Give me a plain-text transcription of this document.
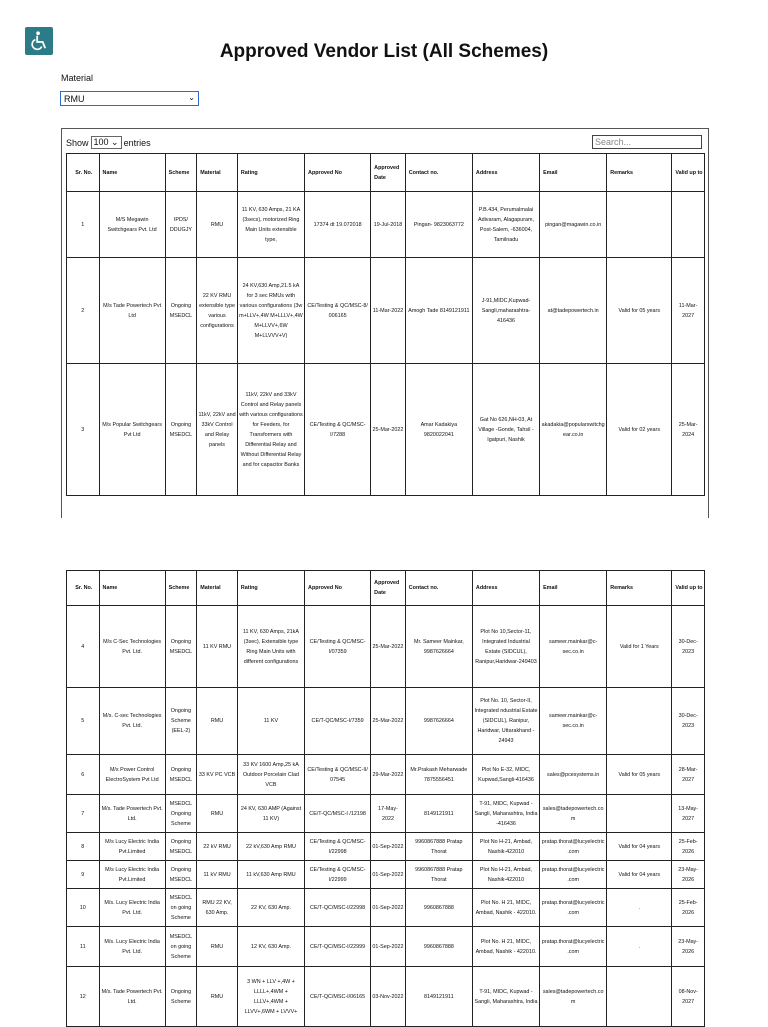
Approved Vendor List (All Schemes)
Material
RMU	⌄
Show 100 ⌄ entries	Search...
Sr. No.	Name	Scheme	Material	Rating	Approved No	Approved Date	Contact no.	Address	Email	Remarks	Valid up to
1	M/S Megawin Switchgears Pvt. Ltd	IPDS/ DDUGJY	RMU	11 KV, 630 Amps, 21 KA (3secs), motorized Ring Main Units extensible type,	17374 dt 19.072018	19-Jul-2018	Pingan- 9823063772	P.B.434, Perumalmalai Adivaram, Alagapuram, Post-Salem, -636004, Tamilnadu	pingan@magawin.co.in		
2	M/s Tade Powertech Pvt Ltd	Ongoing MSEDCL	22 KV RMU extensible type various configurations	24 KV,630 Amp,21.5 kA for 3 sec RMUs with various configurations (3w m+LLV+,4W M+LLLV+,4W M+LLVV+,6W M+LLVVV+V)	CE/Testing & QC/MSC-8/ 006165	11-Mar-2022	Amogh Tade 8149121911	J-91,MIDC,Kupwad-Sangli,maharashtra-416436	at@tadepowertech.in	Valid for 05 years	11-Mar-2027
3	M/s Popular Switchgears Pvt Ltd	Ongoing MSEDCL	11kV, 22kV and 33kV Control and Relay panels	11kV, 22kV and 33kV Control and Relay panels with various configurations for Feeders, for Transformers with Differential Relay and Without Differential Relay and for capacitor Banks	CE/Testing & QC/MSC-I/7288	25-Mar-2022	Amar Kadakiya 9820022041	Gat No 626,NH-03, At Village -Gonde, Tahsil - Igatpuri, Nashik	akadakia@popularswitchgear.co.in	Valid for 02 years	25-Mar-2024
Sr. No.	Name	Scheme	Material	Rating	Approved No	Approved Date	Contact no.	Address	Email	Remarks	Valid up to
4	M/s C-Sec Technologies Pvt. Ltd.	Ongoing MSEDCL	11 KV RMU	11 KV, 630 Amps, 21kA (3sec), Extensible type Ring Main Units with different configurations	CE/Testing & QC/MSC-I/07359	25-Mar-2022	Mr. Sameer Mainkar, 9987626664	Plot No 10,Sector-11, Integrated Industrial Estate (SIDCUL), Ranipur,Haridwar-249403	sameer.mainkar@c-sec.co.in	Valid for 1 Years	30-Dec-2023
5	M/s. C-sec Technologies Pvt. Ltd.	Ongoing Scheme (EEL-2)	RMU	11 KV	CE/T-QC/MSC-I/7359	25-Mar-2022	9987626664	Plot No. 10, Sector-II, Integrated ndustrial Estate (SIDCUL), Ranipur, Haridwar, Uttarakhand - 24943	sameer.mainkar@c-sec.co.in		30-Dec-2023
6	M/s Power Control ElectroSystem Pvt Ltd	Ongoing MSEDCL	33 KV PC VCB	33 KV 1600 Amp,25 kA Outdoor Porcelain Clad VCB	CE/Testing & QC/MSC-II/ 07545	29-Mar-2022	Mr.Prakash Meharwade 7875556451	Plot No E-32, MIDC, Kupwad,Sangli-416436	sales@pcesystems.in	Valid for 05 years	28-Mar-2027
7	M/s. Tade Powertech Pvt. Ltd.	MSEDCL Ongoing Scheme	RMU	24 KV, 630 AMP (Against 11 KV)	CE/T-QC/MSC-I /12198	17-May-2022	8149121911	T-91, MIDC, Kupwad - Sangli, Maharashtra, India -416436	sales@tadepowertech.com		13-May-2027
8	M/s Lucy Electric India Pvt.Limited	Ongoing MSEDCL	22 kV RMU	22 kV,630 Amp RMU	CE/Testing & QC/MSC-I/22998	01-Sep-2022	9960867888 Pratap Thorat	Plot No H-21, Ambad, Nashik-422010	pratap.thorat@lucyelectric.com	Valid for 04 years	25-Feb-2026
9	M/s Lucy Electric India Pvt.Limited	Ongoing MSEDCL	11 kV RMU	11 kV,630 Amp RMU	CE/Testing & QC/MSC-I/22999	01-Sep-2022	9960867888 Pratap Thorat	Plot No H-21, Ambad, Nashik-422010	pratap.thorat@lucyelectric.com	Valid for 04 years	23-May-2026
10	M/s. Lucy Electric India Pvt. Ltd.	MSEDCL on going Scheme	RMU 22 KV, 630 Amp.	22 KV, 630 Amp.	CE/T-QC/MSC-I/22998	01-Sep-2022	9960867888	Plot No. H 21, MIDC, Ambad, Nashik - 422010.	pratap.thorat@lucyelectric.com	.	25-Feb-2026
11	M/s. Lucy Electric India Pvt. Ltd.	MSEDCL on going Scheme	RMU	12 KV, 630 Amp.	CE/T-QC/MSC-I/22999	01-Sep-2022	9960867888	Plot No. H 21, MIDC, Ambad, Nashik - 422010.	pratap.thorat@lucyelectric.com	.	23-May-2026
12	M/s. Tade Powertech Pvt. Ltd.	Ongoing Scheme	RMU	3 WN + LLV +,4W + LLLL+,4WM + LLLV+,4WM + LLVV+,6WM + LVVV+	CE/T-QC/MSC-I/06165	03-Nov-2022	8149121911	T-91, MIDC, Kupwad - Sangli, Maharashtra, India	sales@tadepowertech.com		08-Nov-2027
